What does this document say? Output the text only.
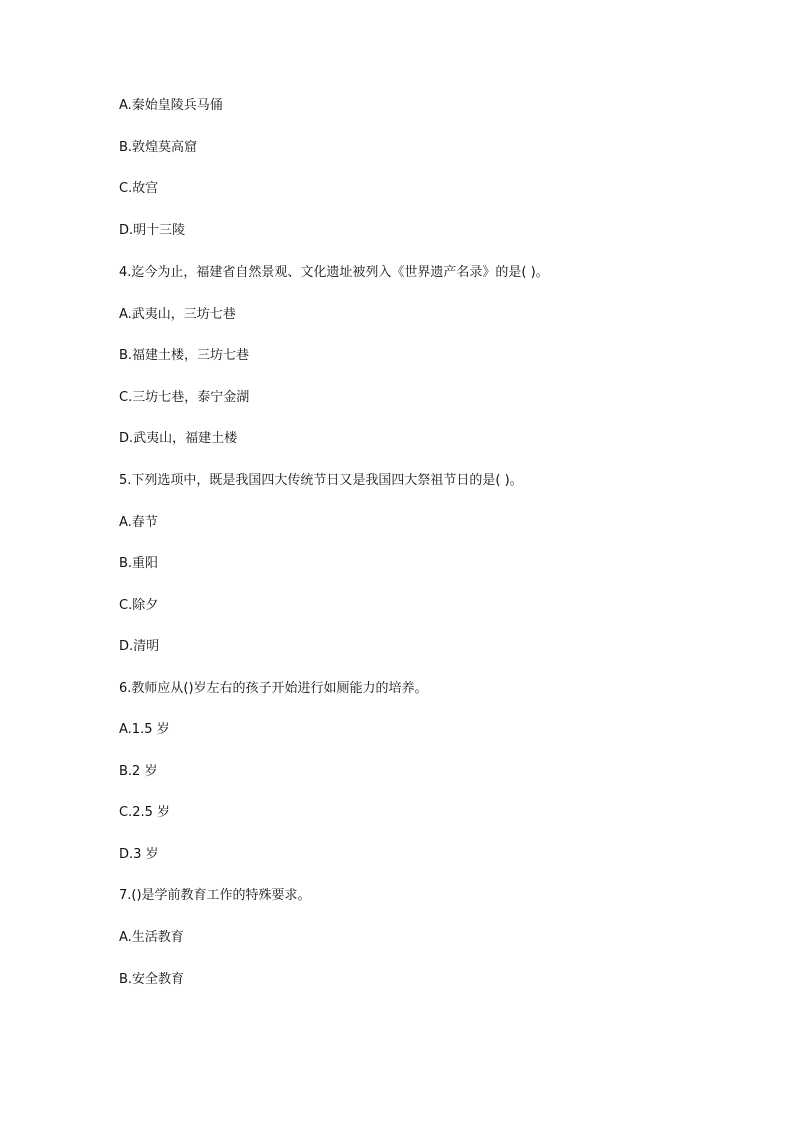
A.秦始皇陵兵马俑
B.敦煌莫高窟
C.故宫
D.明十三陵
4.迄今为止，福建省自然景观、文化遗址被列入《世界遗产名录》的是( )。
A.武夷山，三坊七巷
B.福建土楼，三坊七巷
C.三坊七巷，泰宁金湖
D.武夷山，福建土楼
5.下列选项中，既是我国四大传统节日又是我国四大祭祖节日的是( )。
A.春节
B.重阳
C.除夕
D.清明
6.教师应从()岁左右的孩子开始进行如厕能力的培养。
A.1.5 岁
B.2 岁
C.2.5 岁
D.3 岁
7.()是学前教育工作的特殊要求。
A.生活教育
B.安全教育
